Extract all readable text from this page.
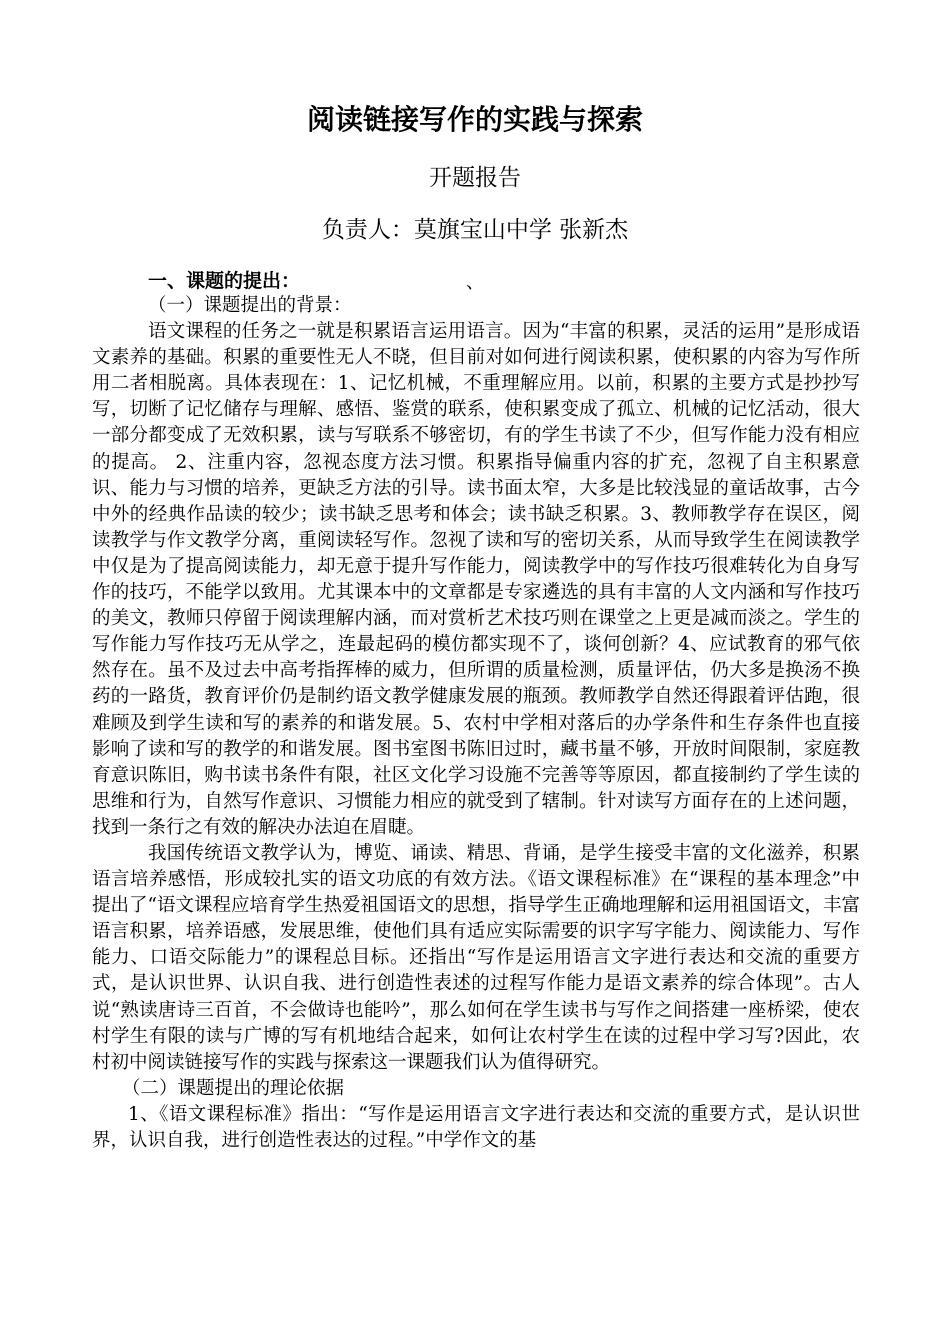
阅读链接写作的实践与探索
开题报告
负责人：莫旗宝山中学 张新杰
一、课题的提出：	、

（一）课题提出的背景：

语文课程的任务之一就是积累语言运用语言。因为“丰富的积累，灵活的运用”是形成语文素养的基础。积累的重要性无人不晓，但目前对如何进行阅读积累，使积累的内容为写作所用二者相脱离。具体表现在：1、记忆机械，不重理解应用。以前，积累的主要方式是抄抄写写，切断了记忆储存与理解、感悟、鉴赏的联系，使积累变成了孤立、机械的记忆活动，很大一部分都变成了无效积累，读与写联系不够密切，有的学生书读了不少，但写作能力没有相应的提高。 2、注重内容，忽视态度方法习惯。积累指导偏重内容的扩充，忽视了自主积累意识、能力与习惯的培养，更缺乏方法的引导。读书面太窄，大多是比较浅显的童话故事，古今中外的经典作品读的较少；读书缺乏思考和体会；读书缺乏积累。3、教师教学存在误区，阅读教学与作文教学分离，重阅读轻写作。忽视了读和写的密切关系，从而导致学生在阅读教学中仅是为了提高阅读能力，却无意于提升写作能力，阅读教学中的写作技巧很难转化为自身写作的技巧，不能学以致用。尤其课本中的文章都是专家遴选的具有丰富的人文内涵和写作技巧的美文，教师只停留于阅读理解内涵，而对赏析艺术技巧则在课堂之上更是减而淡之。学生的写作能力写作技巧无从学之，连最起码的模仿都实现不了，谈何创新？4、应试教育的邪气依然存在。虽不及过去中高考指挥棒的威力，但所谓的质量检测，质量评估，仍大多是换汤不换药的一路货，教育评价仍是制约语文教学健康发展的瓶颈。教师教学自然还得跟着评估跑，很难顾及到学生读和写的素养的和谐发展。5、农村中学相对落后的办学条件和生存条件也直接影响了读和写的教学的和谐发展。图书室图书陈旧过时，藏书量不够，开放时间限制，家庭教育意识陈旧，购书读书条件有限，社区文化学习设施不完善等等原因，都直接制约了学生读的思维和行为，自然写作意识、习惯能力相应的就受到了辖制。针对读写方面存在的上述问题，找到一条行之有效的解决办法迫在眉睫。

我国传统语文教学认为，博览、诵读、精思、背诵，是学生接受丰富的文化滋养，积累语言培养感悟，形成较扎实的语文功底的有效方法。《语文课程标准》在“课程的基本理念”中提出了“语文课程应培育学生热爱祖国语文的思想，指导学生正确地理解和运用祖国语文，丰富语言积累，培养语感，发展思维，使他们具有适应实际需要的识字写字能力、阅读能力、写作能力、口语交际能力”的课程总目标。还指出“写作是运用语言文字进行表达和交流的重要方式，是认识世界、认识自我、进行创造性表述的过程写作能力是语文素养的综合体现”。古人说“熟读唐诗三百首，不会做诗也能吟”，那么如何在学生读书与写作之间搭建一座桥梁，使农村学生有限的读与广博的写有机地结合起来，如何让农村学生在读的过程中学习写?因此，农村初中阅读链接写作的实践与探索这一课题我们认为值得研究。

（二）课题提出的理论依据

1、《语文课程标准》指出：“写作是运用语言文字进行表达和交流的重要方式，是认识世界，认识自我，进行创造性表达的过程。”中学作文的基
